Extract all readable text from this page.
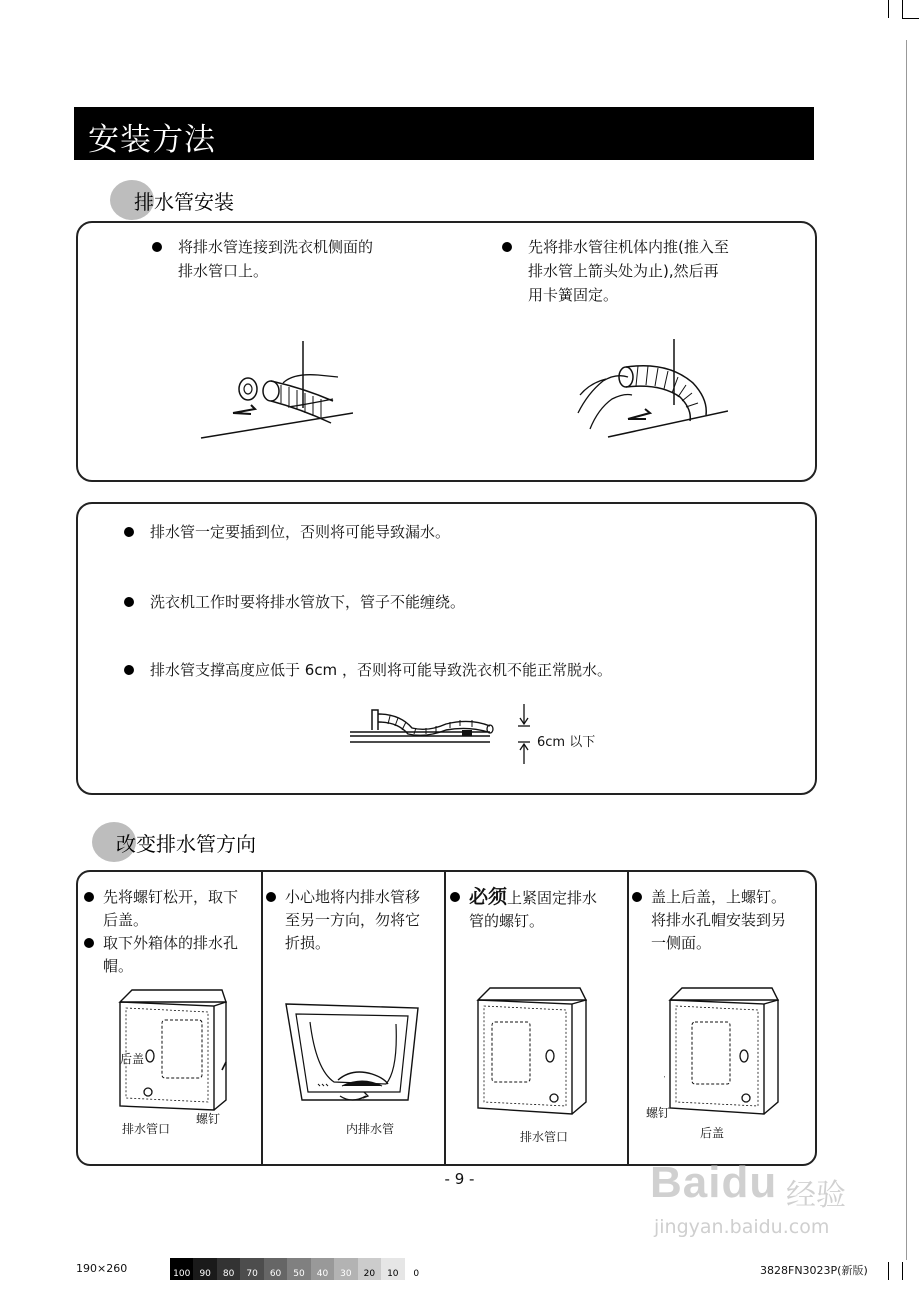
安装方法
排水管安装
将排水管连接到洗衣机侧面的
排水管口上。
先将排水管往机体内推(推入至
排水管上箭头处为止),然后再
用卡簧固定。
排水管一定要插到位，否则将可能导致漏水。
洗衣机工作时要将排水管放下，管子不能缠绕。
排水管支撑高度应低于 6cm ，否则将可能导致洗衣机不能正常脱水。
6cm 以下
改变排水管方向
先将螺钉松开，取下
后盖。
取下外箱体的排水孔
帽。
后盖
螺钉
排水管口
小心地将内排水管移
至另一方向，勿将它
折损。
内排水管
必须上紧固定排水
管的螺钉。
排水管口
盖上后盖，上螺钉。
将排水孔帽安装到另
一侧面。
螺钉
后盖
- 9 -	Baidu 经验
jingyan.baidu.com
190×260	100	90	80	70	60	50	40	30	20	10	0	3828FN3023P(新版)
